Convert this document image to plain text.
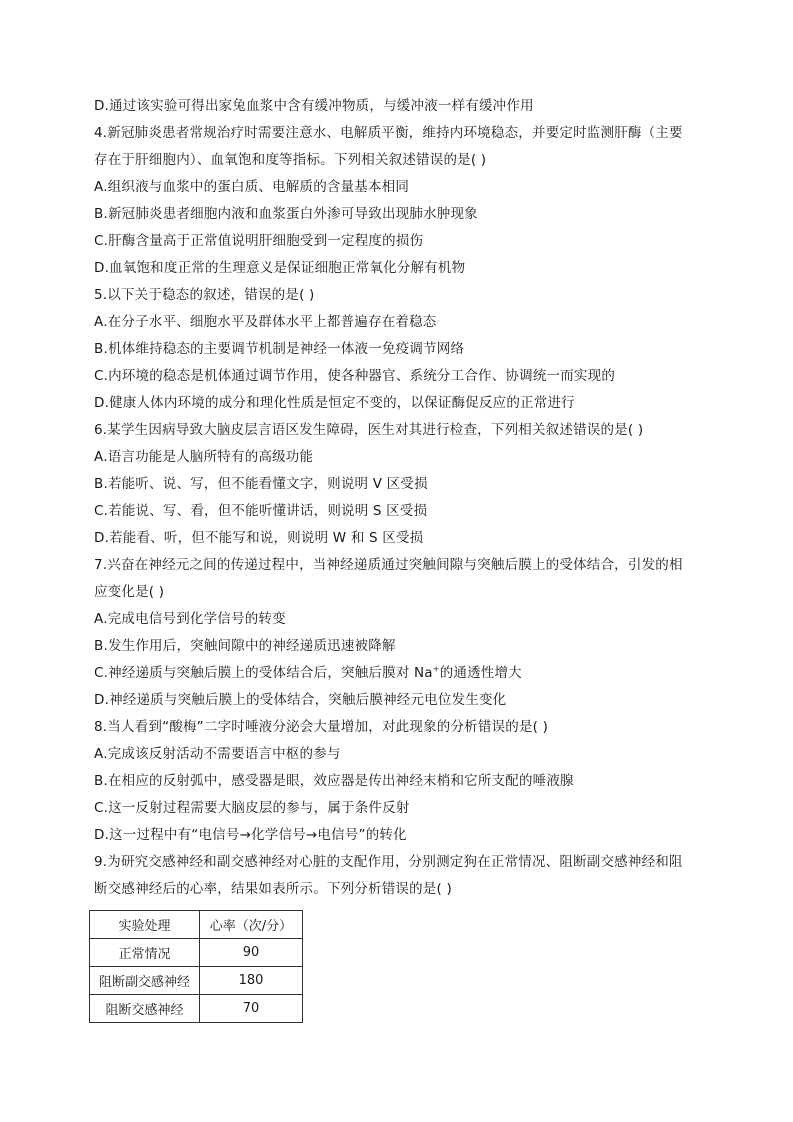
D.通过该实验可得出家兔血浆中含有缓冲物质，与缓冲液一样有缓冲作用
4.新冠肺炎患者常规治疗时需要注意水、电解质平衡，维持内环境稳态，并要定时监测肝酶（主要
存在于肝细胞内）、血氧饱和度等指标。下列相关叙述错误的是( )
A.组织液与血浆中的蛋白质、电解质的含量基本相同
B.新冠肺炎患者细胞内液和血浆蛋白外渗可导致出现肺水肿现象
C.肝酶含量高于正常值说明肝细胞受到一定程度的损伤
D.血氧饱和度正常的生理意义是保证细胞正常氧化分解有机物
5.以下关于稳态的叙述，错误的是( )
A.在分子水平、细胞水平及群体水平上都普遍存在着稳态
B.机体维持稳态的主要调节机制是神经一体液一免疫调节网络
C.内环境的稳态是机体通过调节作用，使各种器官、系统分工合作、协调统一而实现的
D.健康人体内环境的成分和理化性质是恒定不变的，以保证酶促反应的正常进行
6.某学生因病导致大脑皮层言语区发生障碍，医生对其进行检查，下列相关叙述错误的是( )
A.语言功能是人脑所特有的高级功能
B.若能听、说、写，但不能看懂文字，则说明 V 区受损
C.若能说、写、看，但不能听懂讲话，则说明 S 区受损
D.若能看、听，但不能写和说，则说明 W 和 S 区受损
7.兴奋在神经元之间的传递过程中，当神经递质通过突触间隙与突触后膜上的受体结合，引发的相
应变化是( )
A.完成电信号到化学信号的转变
B.发生作用后，突触间隙中的神经递质迅速被降解
C.神经递质与突触后膜上的受体结合后，突触后膜对 Na+的通透性增大
D.神经递质与突触后膜上的受体结合，突触后膜神经元电位发生变化
8.当人看到“酸梅”二字时唾液分泌会大量增加，对此现象的分析错误的是( )
A.完成该反射活动不需要语言中枢的参与
B.在相应的反射弧中，感受器是眼，效应器是传出神经末梢和它所支配的唾液腺
C.这一反射过程需要大脑皮层的参与，属于条件反射
D.这一过程中有“电信号→化学信号→电信号”的转化
9.为研究交感神经和副交感神经对心脏的支配作用，分别测定狗在正常情况、阻断副交感神经和阻
断交感神经后的心率，结果如表所示。下列分析错误的是( )
实验处理	心率（次/分）
正常情况	90
阻断副交感神经	180
阻断交感神经	70
